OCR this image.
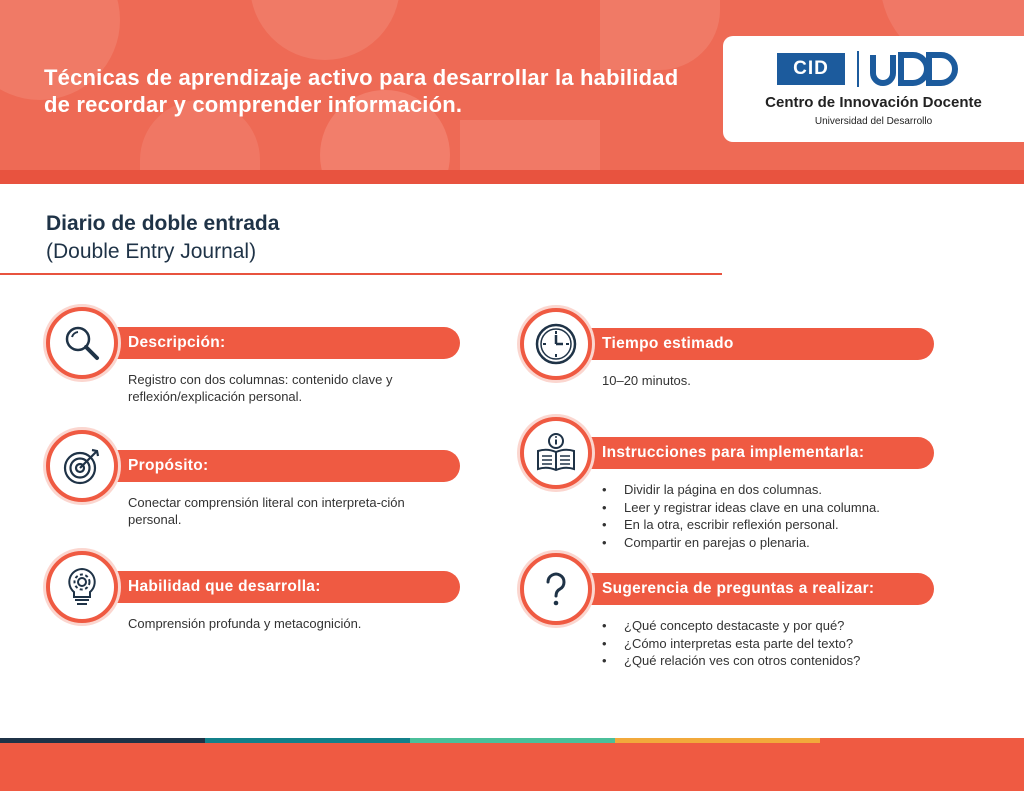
Técnicas de aprendizaje activo para desarrollar la habilidad de recordar y comprender información.
CID
Centro de Innovación Docente
Universidad del Desarrollo
Diario de doble entrada
(Double Entry Journal)
Descripción:
Registro con dos columnas: contenido clave y reflexión/explicación personal.
Propósito:
Conectar comprensión literal con interpreta-ción personal.
Habilidad que desarrolla:
Comprensión profunda y metacognición.
Tiempo estimado
10–20 minutos.
Instrucciones para implementarla:
• Dividir la página en dos columnas.
• Leer y registrar ideas clave en una columna.
• En la otra, escribir reflexión personal.
• Compartir en parejas o plenaria.
Sugerencia de preguntas a realizar:
• ¿Qué concepto destacaste y por qué?
• ¿Cómo interpretas esta parte del texto?
• ¿Qué relación ves con otros contenidos?
